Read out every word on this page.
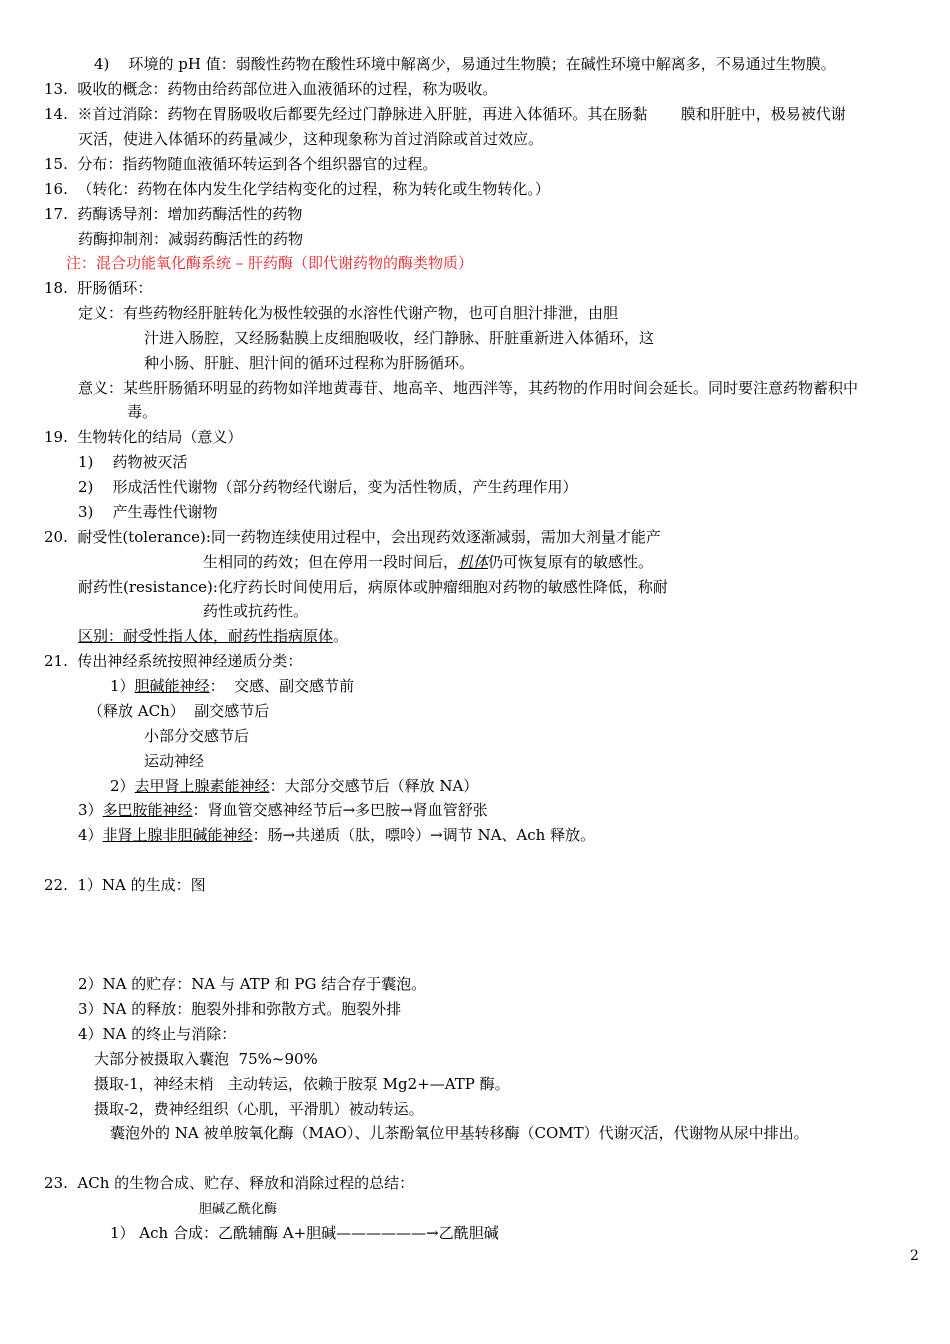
4)    环境的 pH 值：弱酸性药物在酸性环境中解离少，易通过生物膜；在碱性环境中解离多，不易通过生物膜。
13.  吸收的概念：药物由给药部位进入血液循环的过程，称为吸收。
14.  ※首过消除：药物在胃肠吸收后都要先经过门静脉进入肝脏，再进入体循环。其在肠黏       膜和肝脏中，极易被代谢
灭活，使进入体循环的药量减少，这种现象称为首过消除或首过效应。
15.  分布：指药物随血液循环转运到各个组织器官的过程。
16.  （转化：药物在体内发生化学结构变化的过程，称为转化或生物转化。）
17.  药酶诱导剂：增加药酶活性的药物
药酶抑制剂：减弱药酶活性的药物
注：混合功能氧化酶系统 – 肝药酶（即代谢药物的酶类物质）
18.  肝肠循环：
定义：有些药物经肝脏转化为极性较强的水溶性代谢产物，也可自胆汁排泄，由胆
汁进入肠腔，又经肠黏膜上皮细胞吸收，经门静脉、肝脏重新进入体循环，这
种小肠、肝脏、胆汁间的循环过程称为肝肠循环。
意义：某些肝肠循环明显的药物如洋地黄毒苷、地高辛、地西泮等，其药物的作用时间会延长。同时要注意药物蓄积中
毒。
19.  生物转化的结局（意义）
1)    药物被灭活
2)    形成活性代谢物（部分药物经代谢后，变为活性物质，产生药理作用）
3)    产生毒性代谢物
20.  耐受性(tolerance):同一药物连续使用过程中，会出现药效逐渐减弱，需加大剂量才能产
生相同的药效；但在停用一段时间后，机体仍可恢复原有的敏感性。
耐药性(resistance):化疗药长时间使用后，病原体或肿瘤细胞对药物的敏感性降低，称耐
药性或抗药性。
区别：耐受性指人体，耐药性指病原体。
21.  传出神经系统按照神经递质分类：
1）胆碱能神经：  交感、副交感节前
（释放 ACh）  副交感节后
小部分交感节后
运动神经
2）去甲肾上腺素能神经：大部分交感节后（释放 NA）
3）多巴胺能神经：肾血管交感神经节后→多巴胺→肾血管舒张
4）非肾上腺非胆碱能神经：肠→共递质（肽，嘌呤）→调节 NA、Ach 释放。
22.  1）NA 的生成：图
2）NA 的贮存：NA 与 ATP 和 PG 结合存于囊泡。
3）NA 的释放：胞裂外排和弥散方式。胞裂外排
4）NA 的终止与消除：
大部分被摄取入囊泡  75%~90%
摄取-1，神经末梢   主动转运，依赖于胺泵 Mg2+—ATP 酶。
摄取-2，费神经组织（心肌，平滑肌）被动转运。
囊泡外的 NA 被单胺氧化酶（MAO）、儿茶酚氧位甲基转移酶（COMT）代谢灭活，代谢物从尿中排出。
23.  ACh 的生物合成、贮存、释放和消除过程的总结：
胆碱乙酰化酶
1） Ach 合成：乙酰辅酶 A+胆碱——————→乙酰胆碱
2
